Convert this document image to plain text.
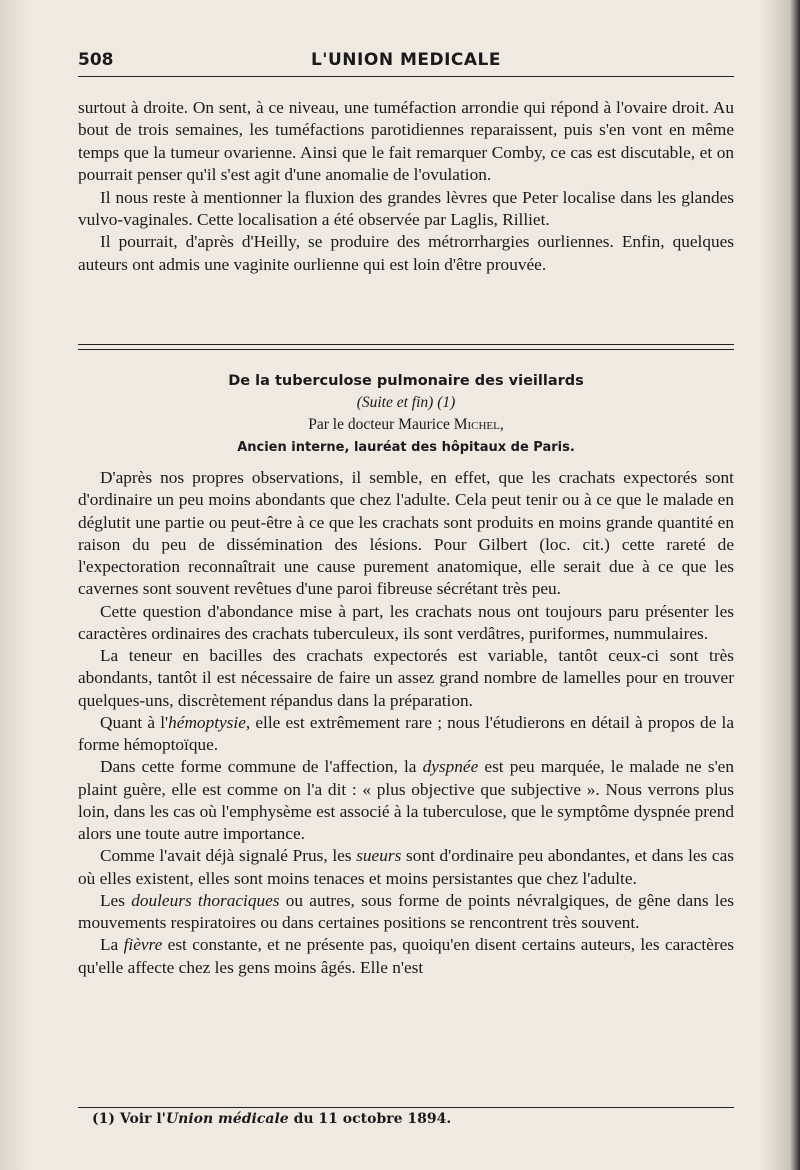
508	L'UNION MEDICALE

surtout à droite. On sent, à ce niveau, une tuméfaction arrondie qui répond à l'ovaire droit. Au bout de trois semaines, les tuméfactions parotidiennes reparaissent, puis s'en vont en même temps que la tumeur ovarienne. Ainsi que le fait remarquer Comby, ce cas est discutable, et on pourrait penser qu'il s'est agit d'une anomalie de l'ovulation.

Il nous reste à mentionner la fluxion des grandes lèvres que Peter localise dans les glandes vulvo-vaginales. Cette localisation a été observée par Laglis, Rilliet.

Il pourrait, d'après d'Heilly, se produire des métrorrhargies ourliennes. Enfin, quelques auteurs ont admis une vaginite ourlienne qui est loin d'être prouvée.

De la tuberculose pulmonaire des vieillards
(Suite et fin) (1)
Par le docteur Maurice Michel,
Ancien interne, lauréat des hôpitaux de Paris.

D'après nos propres observations, il semble, en effet, que les crachats expectorés sont d'ordinaire un peu moins abondants que chez l'adulte. Cela peut tenir ou à ce que le malade en déglutit une partie ou peut-être à ce que les crachats sont produits en moins grande quantité en raison du peu de dissémination des lésions. Pour Gilbert (loc. cit.) cette rareté de l'expectoration reconnaîtrait une cause purement anatomique, elle serait due à ce que les cavernes sont souvent revêtues d'une paroi fibreuse sécrétant très peu.

Cette question d'abondance mise à part, les crachats nous ont toujours paru présenter les caractères ordinaires des crachats tuberculeux, ils sont verdâtres, puriformes, nummulaires.

La teneur en bacilles des crachats expectorés est variable, tantôt ceux-ci sont très abondants, tantôt il est nécessaire de faire un assez grand nombre de lamelles pour en trouver quelques-uns, discrètement répandus dans la préparation.

Quant à l'hémoptysie, elle est extrêmement rare ; nous l'étudierons en détail à propos de la forme hémoptoïque.

Dans cette forme commune de l'affection, la dyspnée est peu marquée, le malade ne s'en plaint guère, elle est comme on l'a dit : « plus objective que subjective ». Nous verrons plus loin, dans les cas où l'emphysème est associé à la tuberculose, que le symptôme dyspnée prend alors une toute autre importance.

Comme l'avait déjà signalé Prus, les sueurs sont d'ordinaire peu abondantes, et dans les cas où elles existent, elles sont moins tenaces et moins persistantes que chez l'adulte.

Les douleurs thoraciques ou autres, sous forme de points névralgiques, de gêne dans les mouvements respiratoires ou dans certaines positions se rencontrent très souvent.

La fièvre est constante, et ne présente pas, quoiqu'en disent certains auteurs, les caractères qu'elle affecte chez les gens moins âgés. Elle n'est

(1) Voir l'Union médicale du 11 octobre 1894.
